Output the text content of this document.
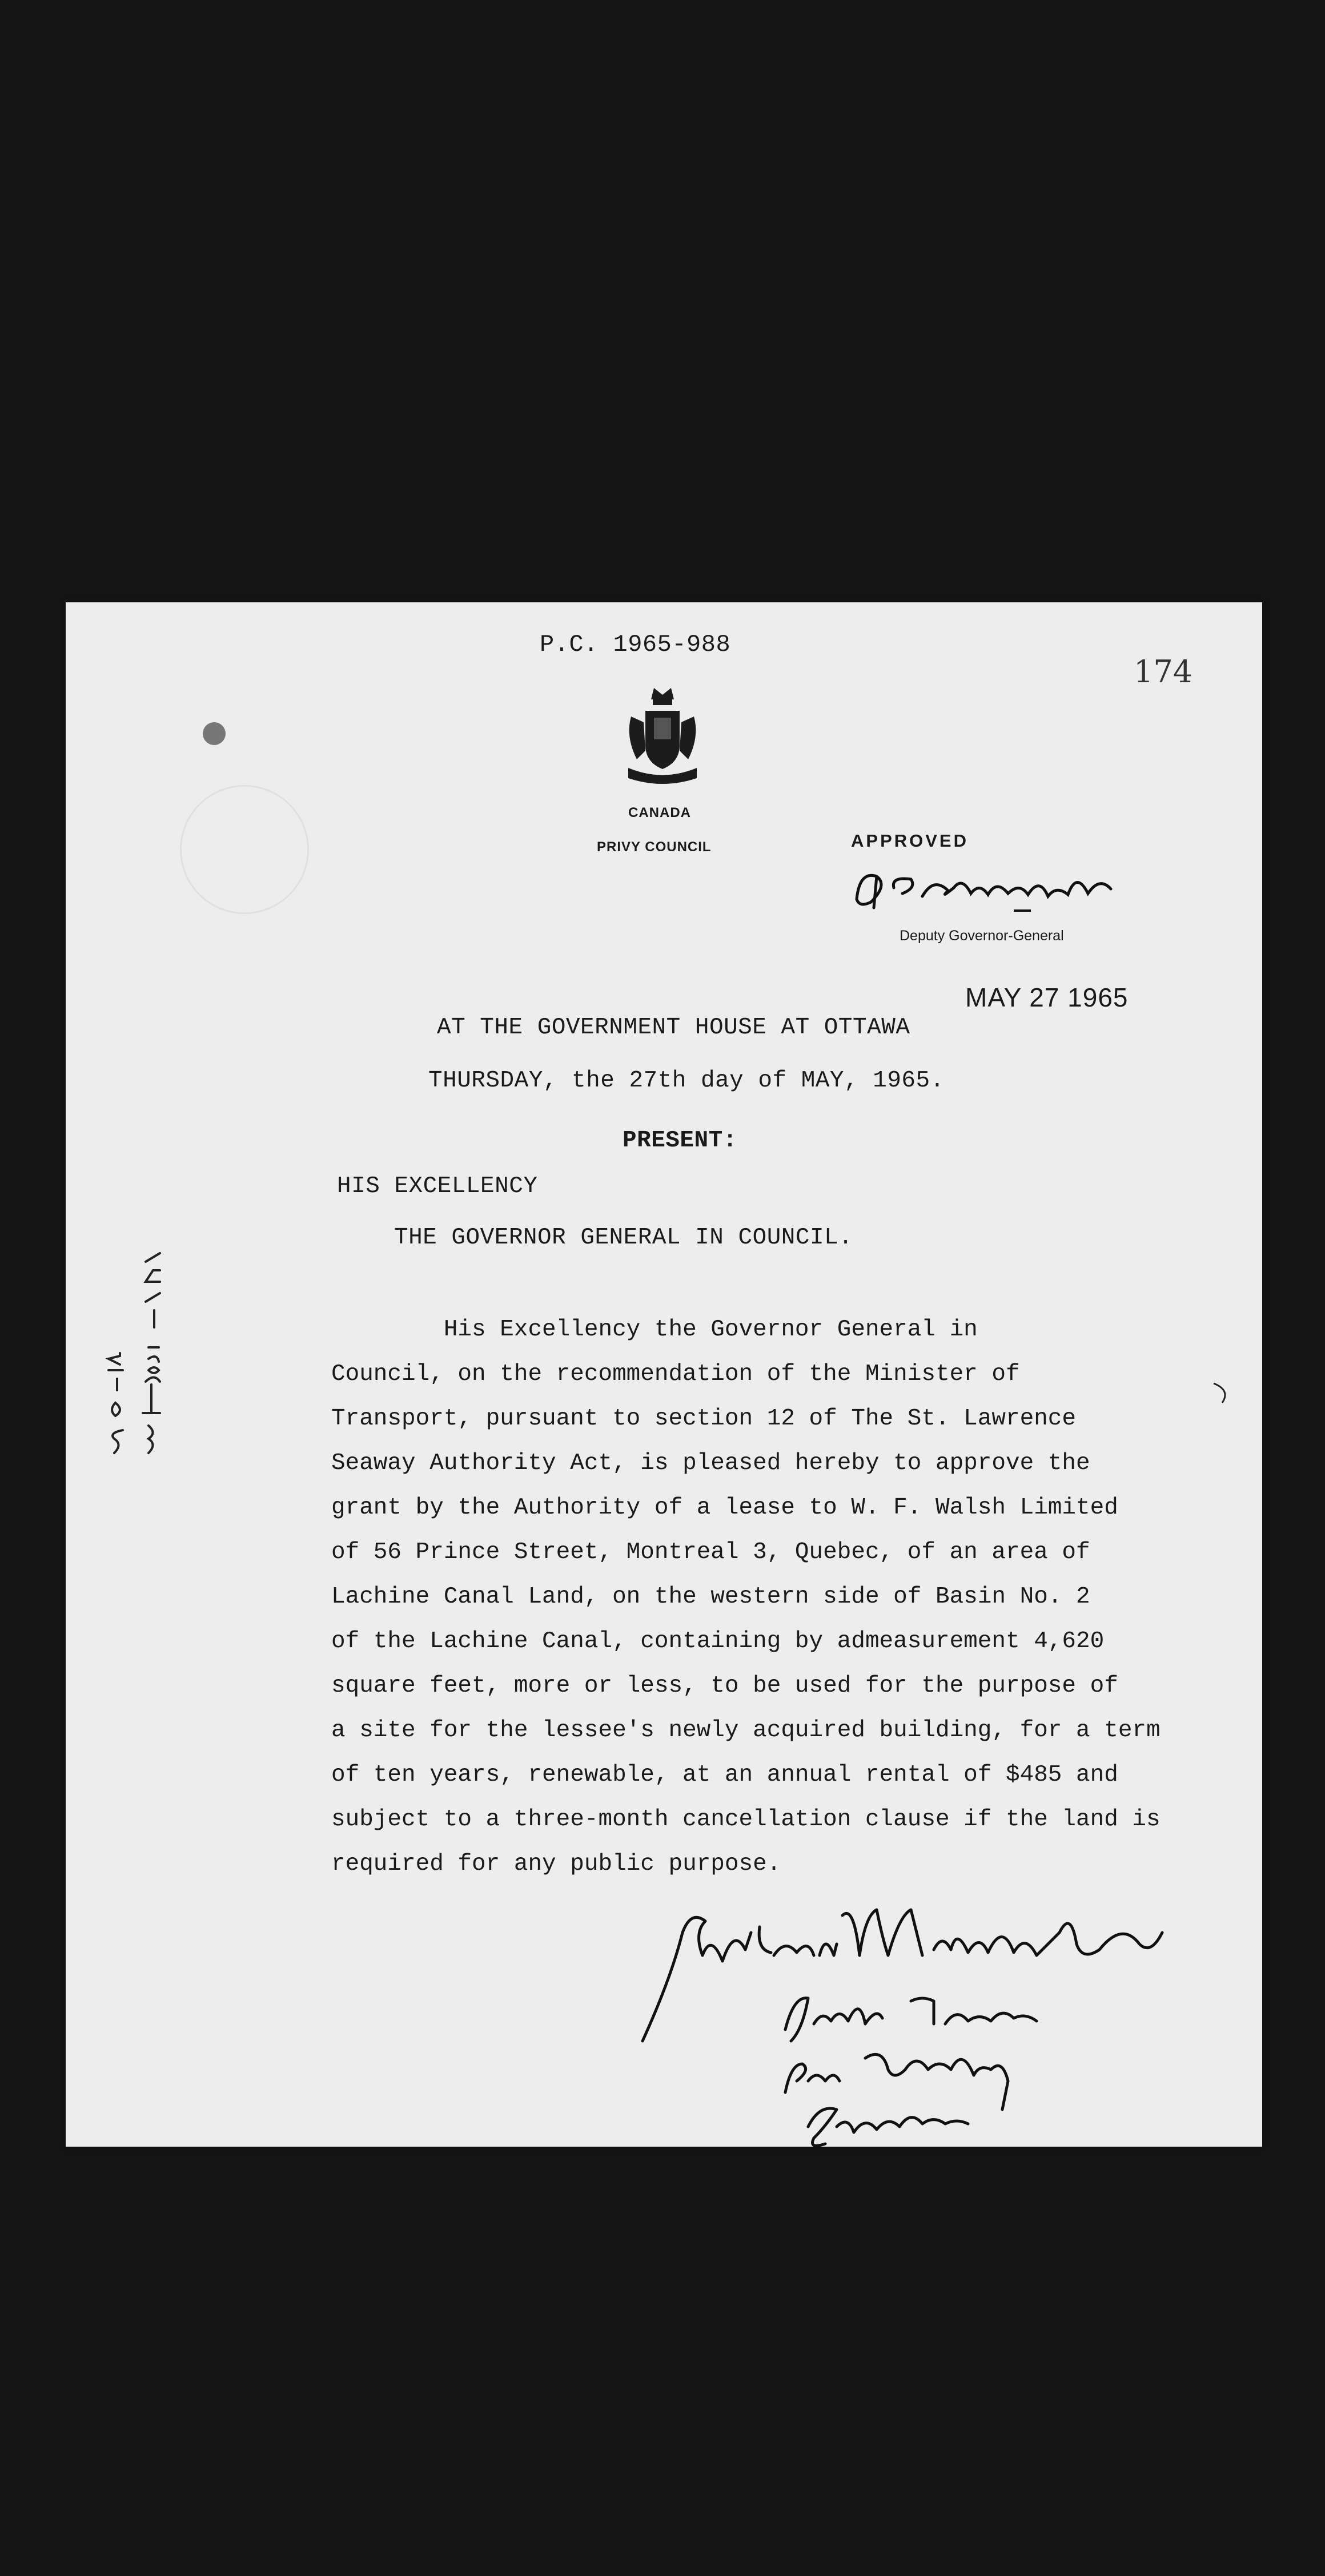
P.C. 1965-988
174
CANADA
PRIVY COUNCIL	APPROVED
Deputy Governor-General
MAY 27 1965
AT THE GOVERNMENT HOUSE AT OTTAWA
THURSDAY, the 27th day of MAY, 1965.
PRESENT:
HIS EXCELLENCY
THE GOVERNOR GENERAL IN COUNCIL.

His Excellency the Governor General in

Council, on the recommendation of the Minister of

Transport, pursuant to section 12 of The St. Lawrence

Seaway Authority Act, is pleased hereby to approve the

grant by the Authority of a lease to W. F. Walsh Limited

of 56 Prince Street, Montreal 3, Quebec, of an area of

Lachine Canal Land, on the western side of Basin No. 2

of the Lachine Canal, containing by admeasurement 4,620

square feet, more or less, to be used for the purpose of

a site for the lessee's newly acquired building, for a term

of ten years, renewable, at an annual rental of $485 and

subject to a three-month cancellation clause if the land is

required for any public purpose.
